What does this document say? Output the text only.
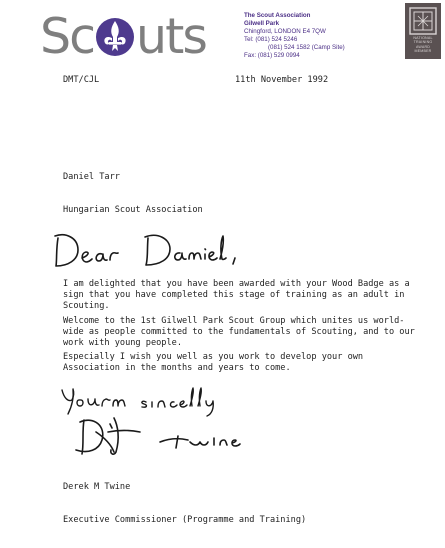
Sc uts	The Scout Association
Gilwell Park
Chingford, LONDON E4 7QW
Tel: (081) 524 5246
(081) 524 1582 (Camp Site)
Fax: (081) 529 0994
NATIONAL
TRAINING
AWARD
MEMBER
DMT/CJL	11th November 1992

Daniel Tarr

Hungarian Scout Association

I am delighted that you have been awarded with your Wood Badge as a
sign that you have completed this stage of training as an adult in
Scouting.
Welcome to the 1st Gilwell Park Scout Group which unites us world-
wide as people committed to the fundamentals of Scouting, and to our
work with young people.
Especially I wish you well as you work to develop your own
Association in the months and years to come.

Derek M Twine

Executive Commissioner (Programme and Training)
